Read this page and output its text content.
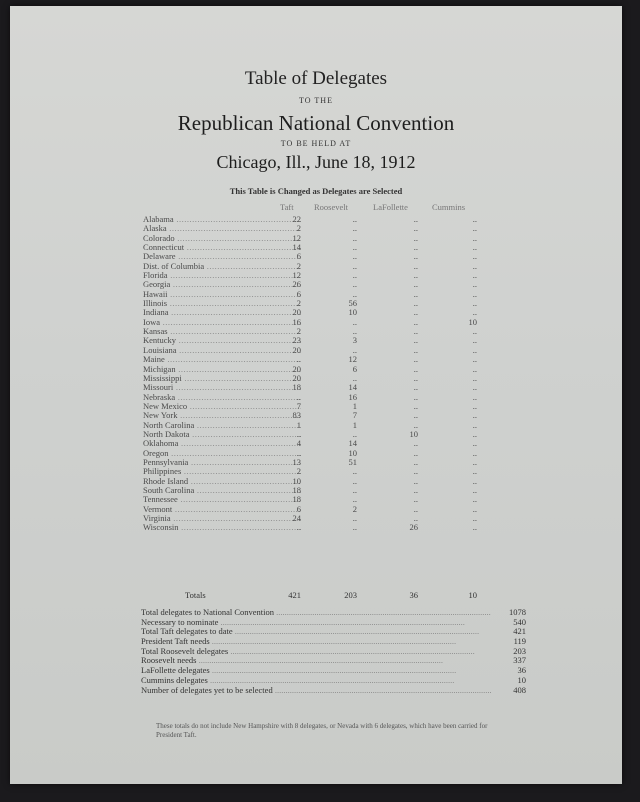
Table of Delegates
TO THE
Republican National Convention
TO BE HELD AT
Chicago, Ill., June 18, 1912
This Table is Changed as Delegates are Selected
Taft Roosevelt	LaFollette	Cummins
Alabama .....	22	..	..	..
Alaska .....	2	..	..	..
Colorado .....	12	..	..	..
Connecticut .....	14	..	..	..
Delaware .....	6	..	..	..
Dist. of Columbia .....	2	..	..	..
Florida .....	12	..	..	..
Georgia .....	26	..	..	..
Hawaii .....	6	..	..	..
Illinois .....	2	56	..	..
Indiana .....	20	10	..	..
Iowa .....	16	..	..	10
Kansas .....	2	..	..	..
Kentucky .....	23	3	..	..
Louisiana .....	20	..	..	..
Maine .....	..	12	..	..
Michigan .....	20	6	..	..
Mississippi .....	20	..	..	..
Missouri .....	18	14	..	..
Nebraska .....	..	16	..	..
New Mexico .....	7	1	..	..
New York .....	83	7	..	..
North Carolina .....	1	1	..	..
North Dakota .....	..	..	10	..
Oklahoma .....	4	14	..	..
Oregon .....	..	10	..	..
Pennsylvania .....	13	51	..	..
Philippines .....	2	..	..	..
Rhode Island .....	10	..	..	..
South Carolina .....	18	..	..	..
Tennessee .....	18	..	..	..
Vermont .....	6	2	..	..
Virginia .....	24	..	..	..
Wisconsin .....	..	..	26	..
Totals	421	203	36	10
Total delegates to National Convention .....	1078
Necessary to nominate .....	540
Total Taft delegates to date .....	421
President Taft needs .....	119
Total Roosevelt delegates .....	203
Roosevelt needs .....	337
LaFollette delegates .....	36
Cummins delegates .....	10
Number of delegates yet to be selected .....	408
These totals do not include New Hampshire with 8 delegates, or Nevada with 6 delegates, which have been carried for President Taft.
